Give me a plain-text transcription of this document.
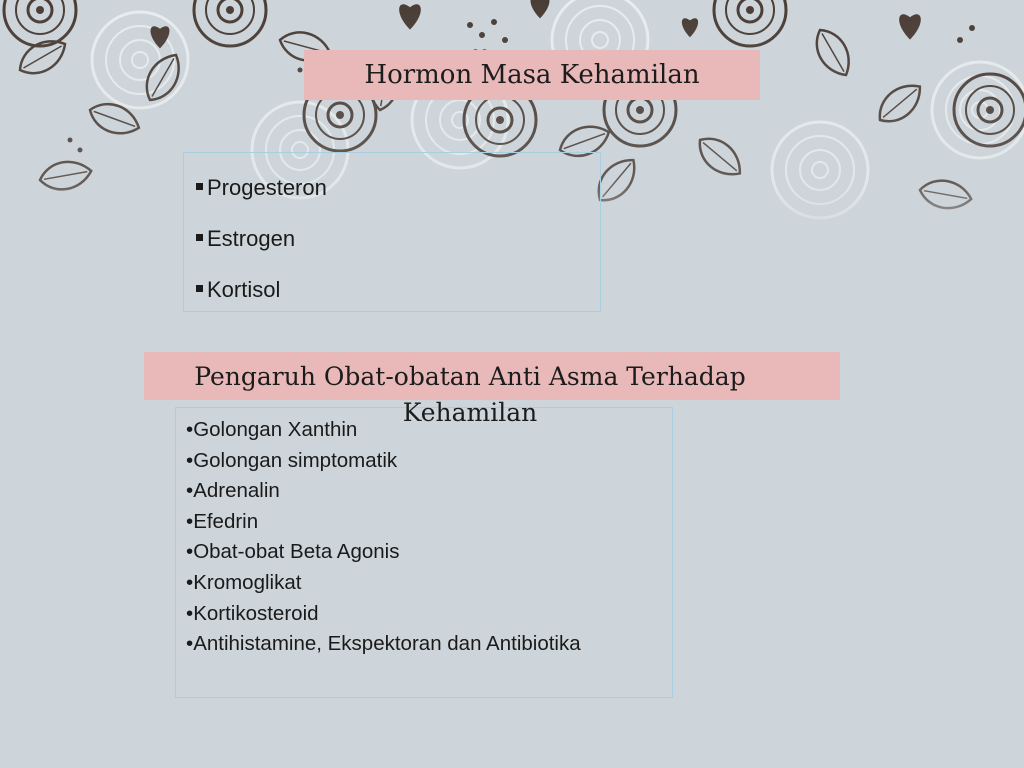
Hormon Masa Kehamilan
Progesteron
Estrogen
Kortisol
•Golongan Xanthin
•Golongan simptomatik
•Adrenalin
•Efedrin
•Obat-obat Beta Agonis
•Kromoglikat
•Kortikosteroid
•Antihistamine, Ekspektoran dan Antibiotika
Pengaruh Obat-obatan Anti Asma Terhadap
Kehamilan
